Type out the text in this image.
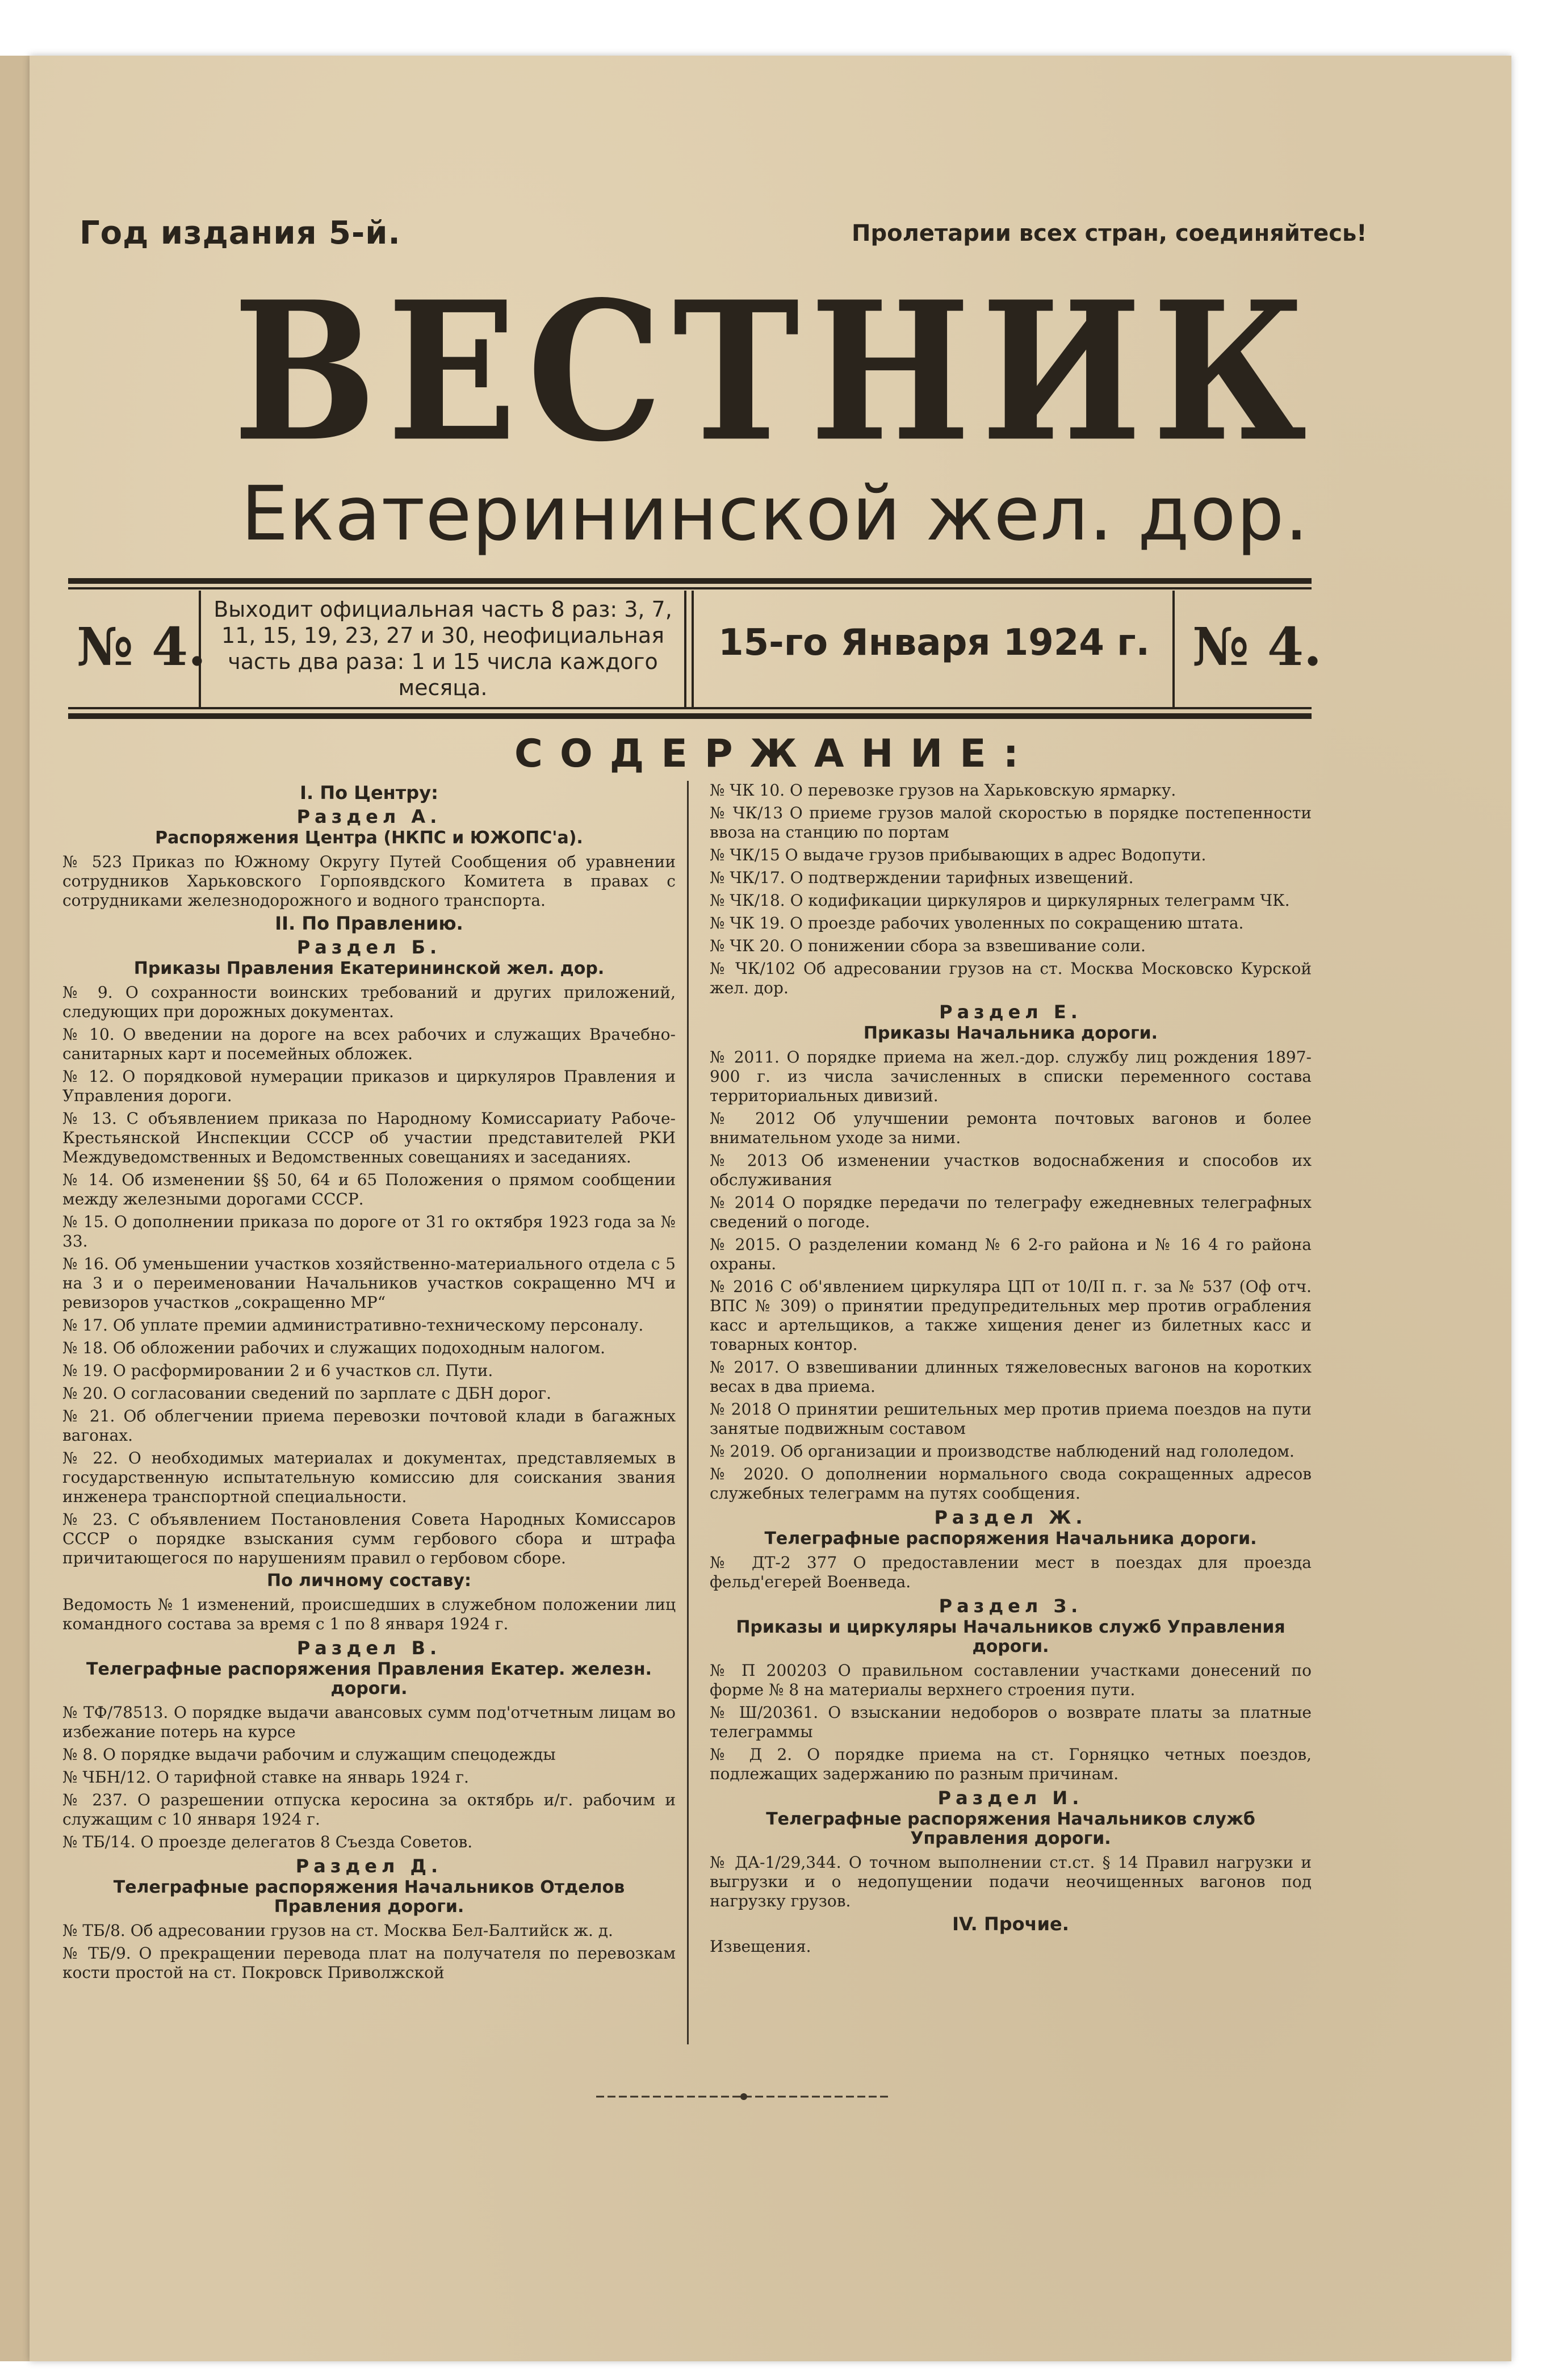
Год издания 5-й.	Пролетарии всех стран, соединяйтесь!
ВЕСТНИК
Екатерининской жел. дор.
№ 4.
Выходит официальная часть 8 раз: 3, 7, 11, 15, 19, 23, 27 и 30, неофициальная часть два раза: 1 и 15 числа каждого месяца.
15-го Января 1924 г. № 4.
СОДЕРЖАНИЕ:
I. По Центру:
Раздел А.
Распоряжения Центра (НКПС и ЮЖОПС'а).
№ 523 Приказ по Южному Округу Путей Сообщения об уравнении сотрудников Харьковского Горпоявдского Комитета в правах с сотрудниками железнодорожного и водного транспорта.
II. По Правлению.
Раздел Б.
Приказы Правления Екатерининской жел. дор.
№ 9. О сохранности воинских требований и других приложений, следующих при дорожных документах.
№ 10. О введении на дороге на всех рабочих и служащих Врачебно-санитарных карт и посемейных обложек.
№ 12. О порядковой нумерации приказов и циркуляров Правления и Управления дороги.
№ 13. С объявлением приказа по Народному Комиссариату Рабоче-Крестьянской Инспекции СССР об участии представителей РКИ Междуведомственных и Ведомственных совещаниях и заседаниях.
№ 14. Об изменении §§ 50, 64 и 65 Положения о прямом сообщении между железными дорогами СССР.
№ 15. О дополнении приказа по дороге от 31 го октября 1923 года за № 33.
№ 16. Об уменьшении участков хозяйственно-материального отдела с 5 на 3 и о переименовании Начальников участков сокращенно МЧ и ревизоров участков „сокращенно МР“
№ 17. Об уплате премии административно-техническому персоналу.
№ 18. Об обложении рабочих и служащих подоходным налогом.
№ 19. О расформировании 2 и 6 участков сл. Пути.
№ 20. О согласовании сведений по зарплате с ДБН дорог.
№ 21. Об облегчении приема перевозки почтовой клади в багажных вагонах.
№ 22. О необходимых материалах и документах, представляемых в государственную испытательную комиссию для соискания звания инженера транспортной специальности.
№ 23. С объявлением Постановления Совета Народных Комиссаров СССР о порядке взыскания сумм гербового сбора и штрафа причитающегося по нарушениям правил о гербовом сборе.
По личному составу:
Ведомость № 1 изменений, происшедших в служебном положении лиц командного состава за время с 1 по 8 января 1924 г.
Раздел В.
Телеграфные распоряжения Правления Екатер. железн. дороги.
№ ТФ/78513. О порядке выдачи авансовых сумм под'отчетным лицам во избежание потерь на курсе
№ 8. О порядке выдачи рабочим и служащим спецодежды
№ ЧБН/12. О тарифной ставке на январь 1924 г.
№ 237. О разрешении отпуска керосина за октябрь и/г. рабочим и служащим с 10 января 1924 г.
№ ТБ/14. О проезде делегатов 8 Съезда Советов.
Раздел Д.
Телеграфные распоряжения Начальников Отделов Правления дороги.
№ ТБ/8. Об адресовании грузов на ст. Москва Бел-Балтийск ж. д.
№ ТБ/9. О прекращении перевода плат на получателя по перевозкам кости простой на ст. Покровск Приволжской
№ ЧК 10. О перевозке грузов на Харьковскую ярмарку.
№ ЧК/13 О приеме грузов малой скоростью в порядке постепенности ввоза на станцию по портам
№ ЧК/15 О выдаче грузов прибывающих в адрес Водопути.
№ ЧК/17. О подтверждении тарифных извещений.
№ ЧК/18. О кодификации циркуляров и циркулярных телеграмм ЧК.
№ ЧК 19. О проезде рабочих уволенных по сокращению штата.
№ ЧК 20. О понижении сбора за взвешивание соли.
№ ЧК/102 Об адресовании грузов на ст. Москва Московско Курской жел. дор.
Раздел Е.
Приказы Начальника дороги.
№ 2011. О порядке приема на жел.-дор. службу лиц рождения 1897-900 г. из числа зачисленных в списки переменного состава территориальных дивизий.
№ 2012 Об улучшении ремонта почтовых вагонов и более внимательном уходе за ними.
№ 2013 Об изменении участков водоснабжения и способов их обслуживания
№ 2014 О порядке передачи по телеграфу ежедневных телеграфных сведений о погоде.
№ 2015. О разделении команд № 6 2-го района и № 16 4 го района охраны.
№ 2016 С об'явлением циркуляра ЦП от 10/II п. г. за № 537 (Оф отч. ВПС № 309) о принятии предупредительных мер против ограбления касс и артельщиков, а также хищения денег из билетных касс и товарных контор.
№ 2017. О взвешивании длинных тяжеловесных вагонов на коротких весах в два приема.
№ 2018 О принятии решительных мер против приема поездов на пути занятые подвижным составом
№ 2019. Об организации и производстве наблюдений над гололедом.
№ 2020. О дополнении нормального свода сокращенных адресов служебных телеграмм на путях сообщения.
Раздел Ж.
Телеграфные распоряжения Начальника дороги.
№ ДТ-2 377 О предоставлении мест в поездах для проезда фельд'егерей Военведа.
Раздел З.
Приказы и циркуляры Начальников служб Управления дороги.
№ П 200203 О правильном составлении участками донесений по форме № 8 на материалы верхнего строения пути.
№ Ш/20361. О взыскании недоборов о возврате платы за платные телеграммы
№ Д 2. О порядке приема на ст. Горняцко четных поездов, подлежащих задержанию по разным причинам.
Раздел И.
Телеграфные распоряжения Начальников служб Управления дороги.
№ ДА-1/29,344. О точном выполнении ст.ст. § 14 Правил нагрузки и выгрузки и о недопущении подачи неочищенных вагонов под нагрузку грузов.
IV. Прочие.
Извещения.
